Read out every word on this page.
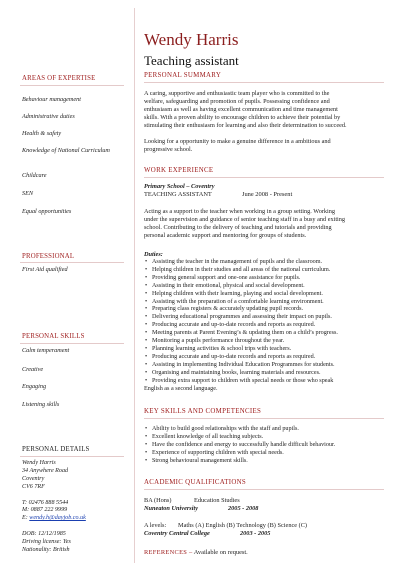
Wendy Harris
Teaching assistant
AREAS OF EXPERTISE
Behaviour management
Administrative duties
Health & safety
Knowledge of National Curriculum
Childcare
SEN
Equal opportunities
PROFESSIONAL
First Aid qualified
PERSONAL SKILLS
Calm temperament
Creative
Engaging
Listening skills
PERSONAL DETAILS
Wendy Harris
34 Anywhere Road
Coventry
CV6 7RF
T: 02476 888 5544
M: 0887 222 9999
E: wendy.h@dayjob.co.uk
DOB: 12/12/1985
Driving license: Yes
Nationality: British
PERSONAL SUMMARY
A caring, supportive and enthusiastic team player who is committed to the
welfare, safeguarding and promotion of pupils. Possessing confidence and
enthusiasm as well as having excellent communication and time management
skills. With a proven ability to encourage children to achieve their potential by
stimulating their enthusiasm for learning and also their determination to succeed.
Looking for a opportunity to make a genuine difference in a ambitious and
progressive school.
WORK EXPERIENCE
Primary School – Coventry
TEACHING ASSISTANT	June 2008 - Present
Acting as a support to the teacher when working in a group setting. Working
under the supervision and guidance of senior teaching staff in a busy and exiting
school. Contributing to the delivery of teaching and tutorials and providing
personal academic support and mentoring for groups of students.
Duties:
• Assisting the teacher in the management of pupils and the classroom.
• Helping children in their studies and all areas of the national curriculum.
• Providing general support and one-one assistance for pupils.
• Assisting in their emotional, physical and social development.
• Helping children with their learning, playing and social development.
• Assisting with the preparation of a comfortable learning environment.
• Preparing class registers & accurately updating pupil records.
• Delivering educational programmes and assessing their impact on pupils.
• Producing accurate and up-to-date records and reports as required.
• Meeting parents at Parent Evening’s & updating them on a child’s progress.
• Monitoring a pupils performance throughout the year.
• Planning learning activities & school trips with teachers.
• Producing accurate and up-to-date records and reports as required.
• Assisting in implementing Individual Education Programmes for students.
• Organising and maintaining books, learning materials and resources.
• Providing extra support to children with special needs or those who speak
English as a second language.
KEY SKILLS AND COMPETENCIES
• Ability to build good relationships with the staff and pupils.
• Excellent knowledge of all teaching subjects.
• Have the confidence and energy to successfully handle difficult behaviour.
• Experience of supporting children with special needs.
• Strong behavioural management skills.
ACADEMIC QUALIFICATIONS
BA (Hons)	Education Studies
Nuneaton University	2005 - 2008
A levels: Maths (A) English (B) Technology (B) Science (C)
Coventry Central College	2003 - 2005
REFERENCES – Available on request.
